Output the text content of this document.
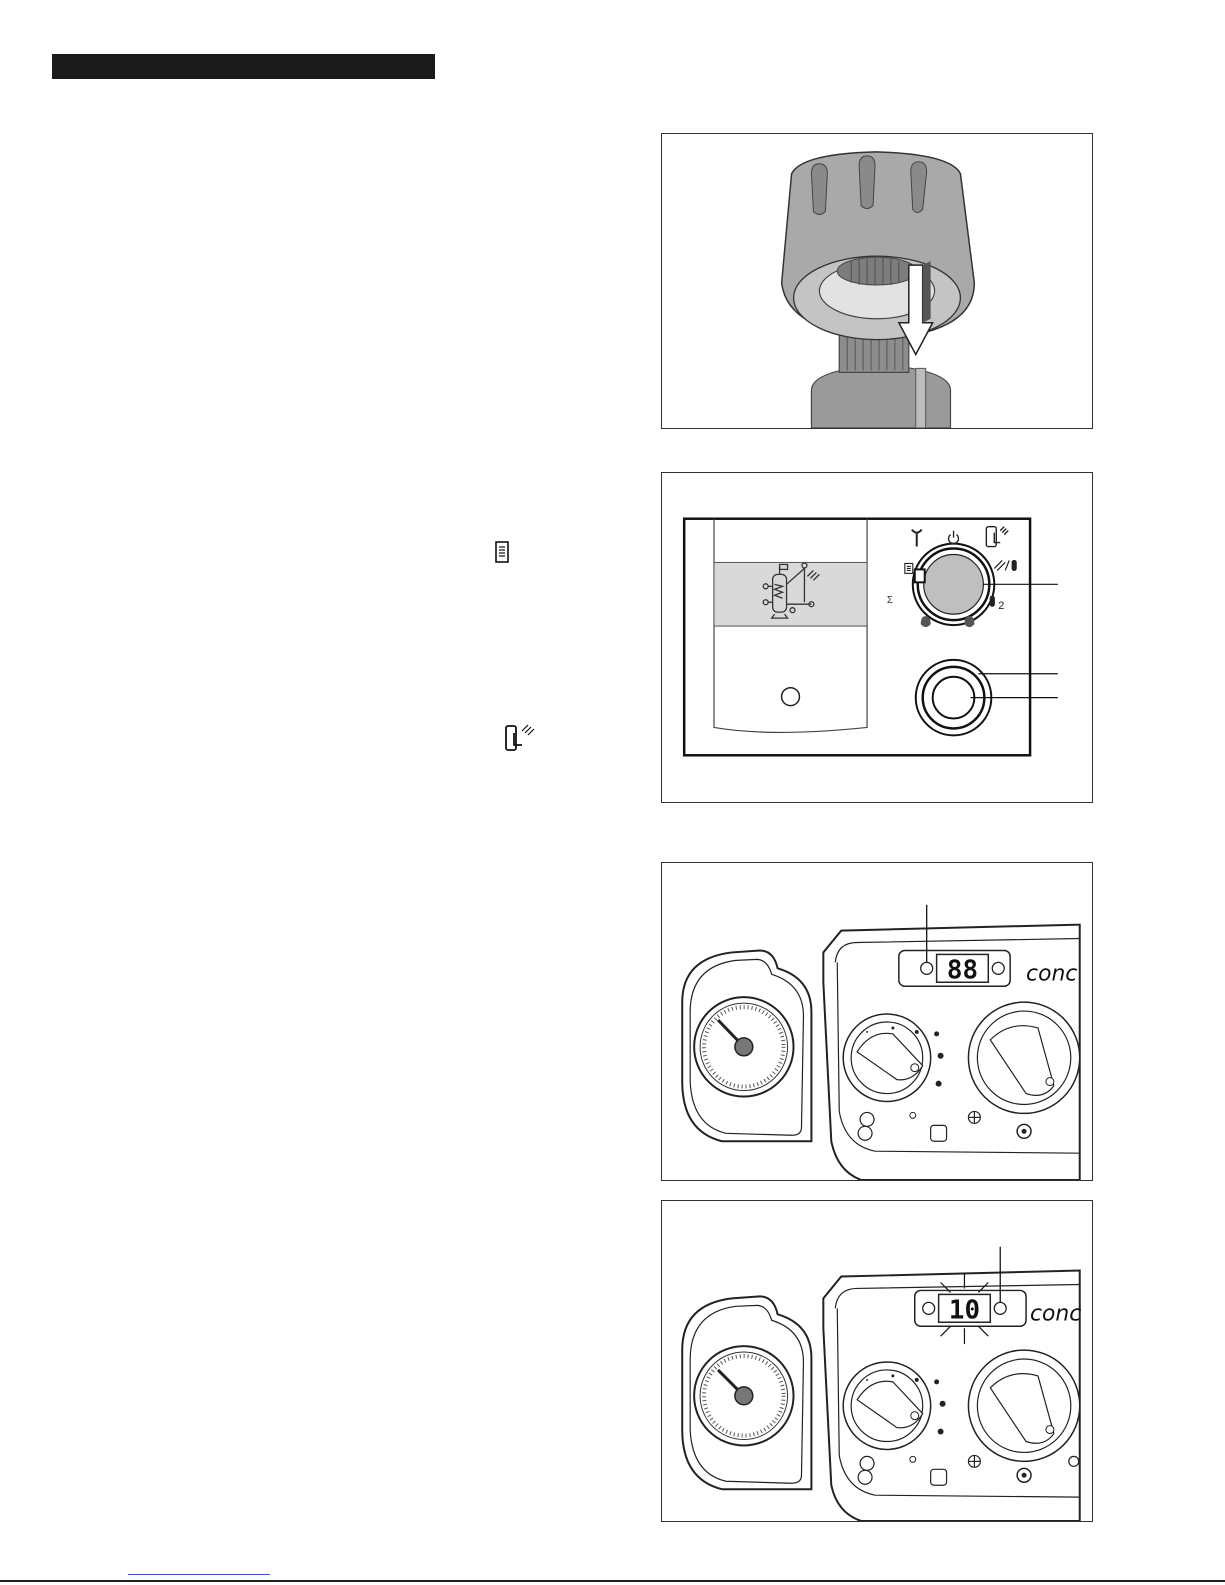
2
Σ
88 conc
10 conc
